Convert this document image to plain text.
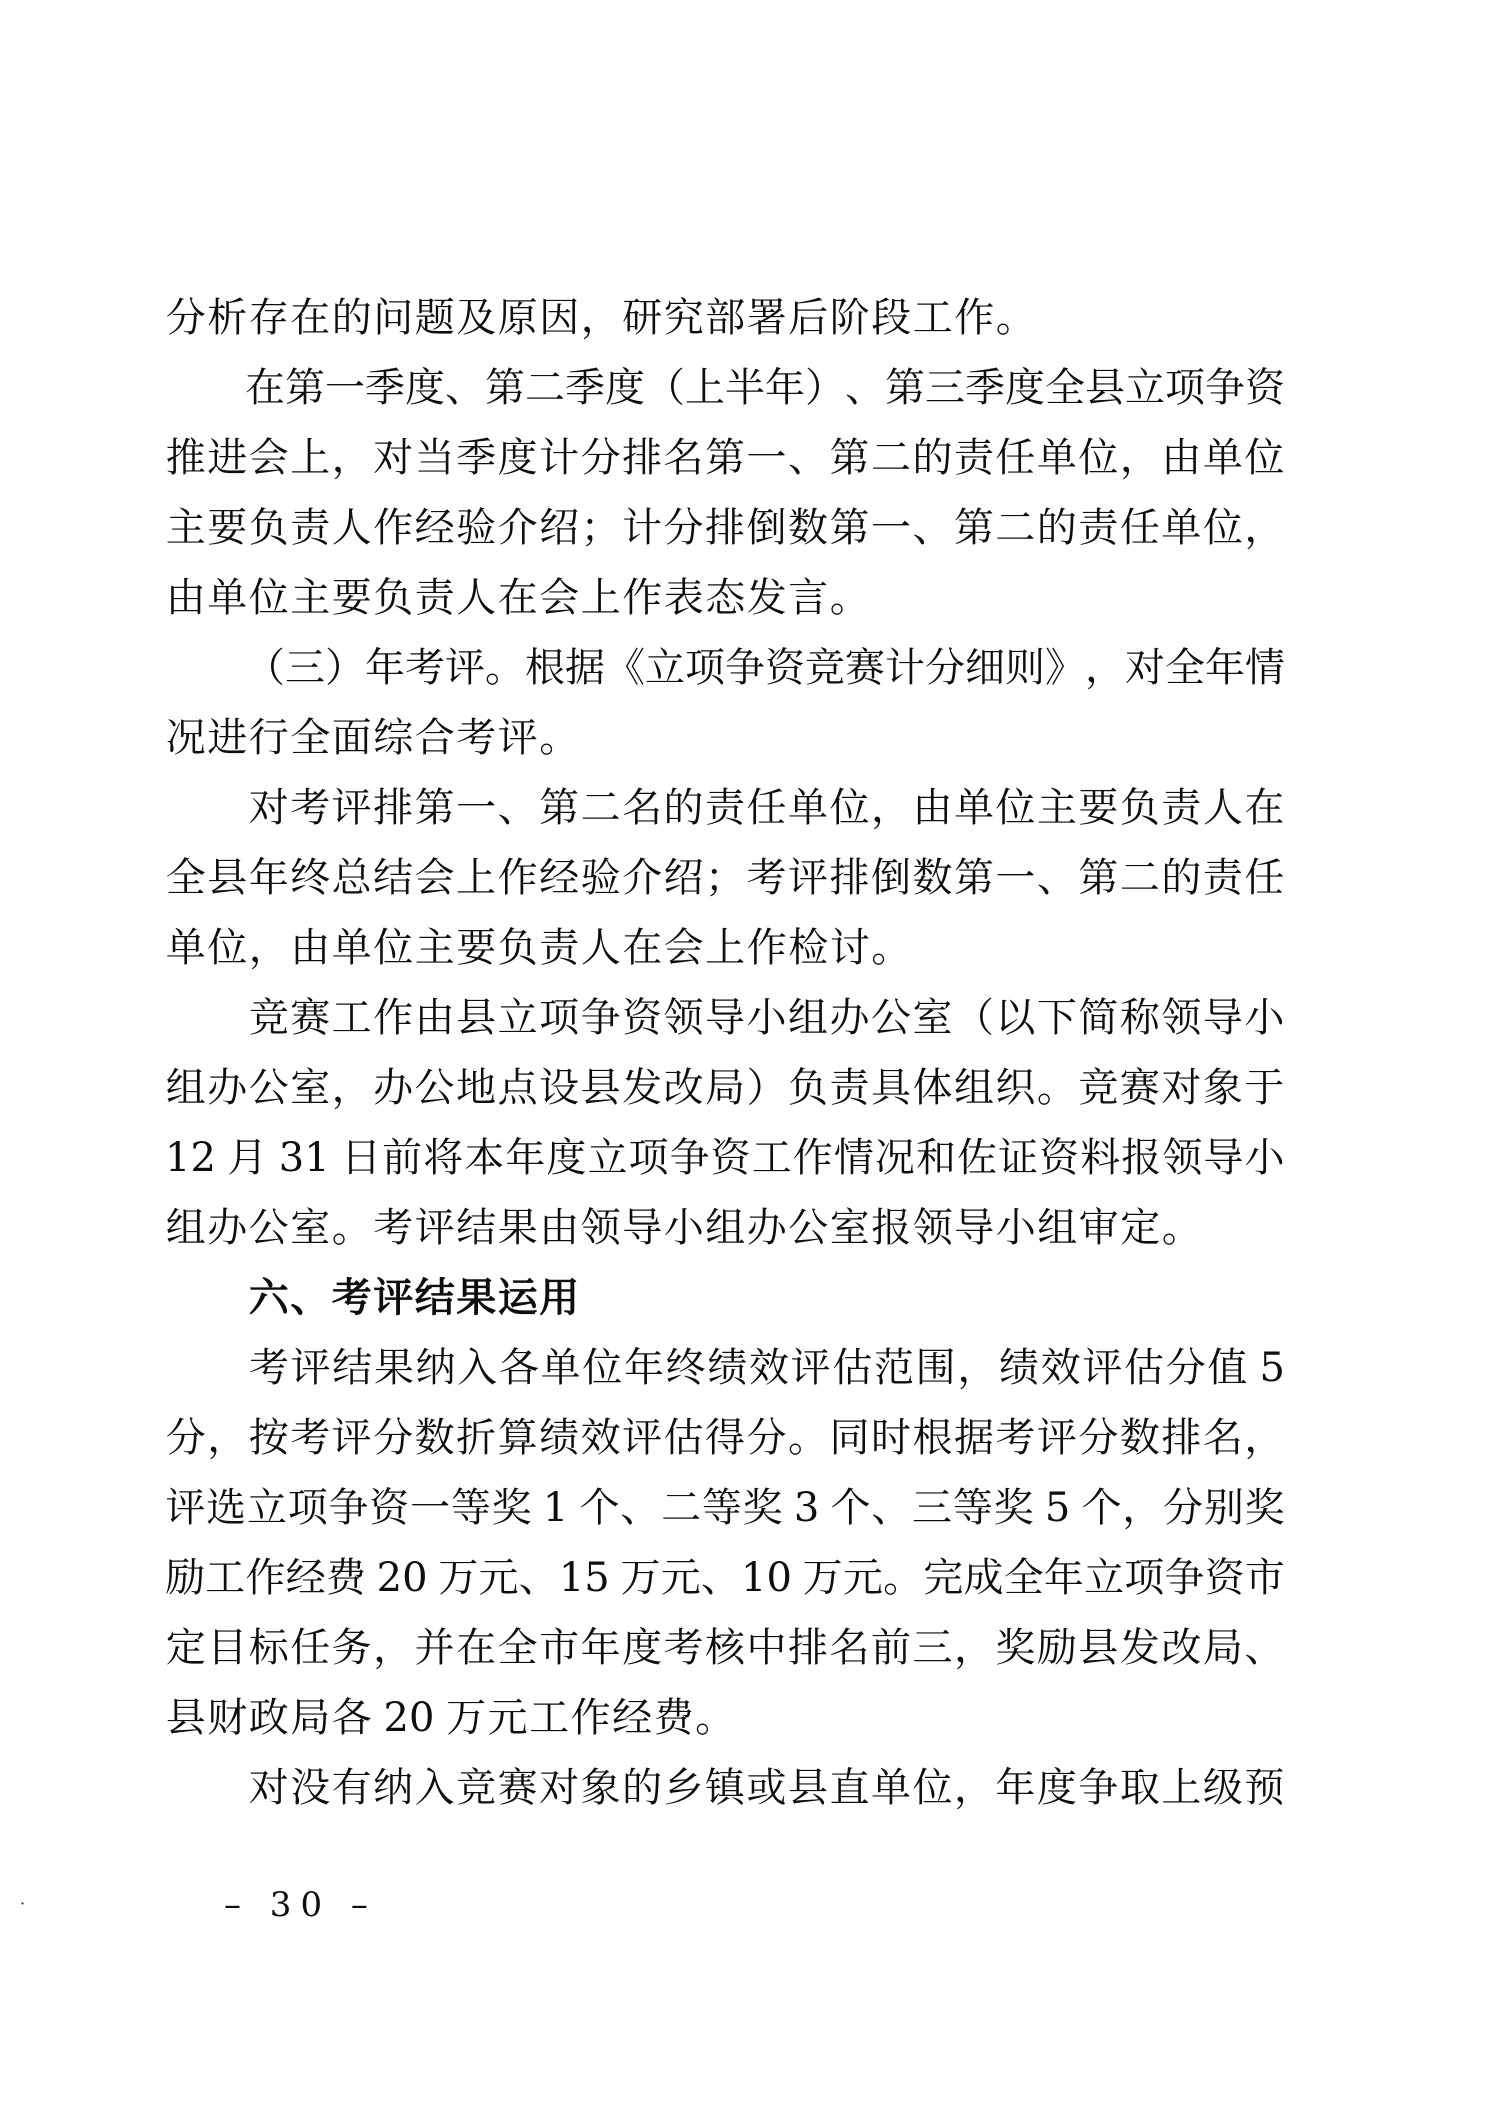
分析存在的问题及原因，研究部署后阶段工作。
在 第 一 季 度 、 第 二 季 度 （ 上 半 年 ） 、 第 三 季 度 全 县 立 项 争 资
推 进 会 上 ， 对 当 季 度 计 分 排 名 第 一 、 第 二 的 责 任 单 位 ， 由 单 位
主 要 负 责 人 作 经 验 介 绍 ； 计 分 排 倒 数 第 一 、 第 二 的 责 任 单 位 ，
由单位主要负责人在会上作表态发言。
（ 三 ） 年 考 评 。 根 据 《 立 项 争 资 竞 赛 计 分 细 则 》 ， 对 全 年 情
况进行全面综合考评。
对 考 评 排 第 一 、 第 二 名 的 责 任 单 位 ， 由 单 位 主 要 负 责 人 在
全 县 年 终 总 结 会 上 作 经 验 介 绍 ； 考 评 排 倒 数 第 一 、 第 二 的 责 任
单位，由单位主要负责人在会上作检讨。
竞 赛 工 作 由 县 立 项 争 资 领 导 小 组 办 公 室 （ 以 下 简 称 领 导 小
组 办 公 室 ， 办 公 地 点 设 县 发 改 局 ） 负 责 具 体 组 织 。 竞 赛 对 象 于
1 2 月 3 1 日 前 将 本 年 度 立 项 争 资 工 作 情 况 和 佐 证 资 料 报 领 导 小
组办公室。考评结果由领导小组办公室报领导小组审定。
六、考评结果运用
考 评 结 果 纳 入 各 单 位 年 终 绩 效 评 估 范 围 ， 绩 效 评 估 分 值 5
分 ， 按 考 评 分 数 折 算 绩 效 评 估 得 分 。 同 时 根 据 考 评 分 数 排 名 ，
评 选 立 项 争 资 一 等 奖 1 个 、 二 等 奖 3 个 、 三 等 奖 5 个 ， 分 别 奖
励 工 作 经 费 2 0 万 元 、 1 5 万 元 、 1 0 万 元 。 完 成 全 年 立 项 争 资 市
定 目 标 任 务 ， 并 在 全 市 年 度 考 核 中 排 名 前 三 ， 奖 励 县 发 改 局 、
县财政局各 20 万元工作经费。
对 没 有 纳 入 竞 赛 对 象 的 乡 镇 或 县 直 单 位 ， 年 度 争 取 上 级 预
·	– 30 –
